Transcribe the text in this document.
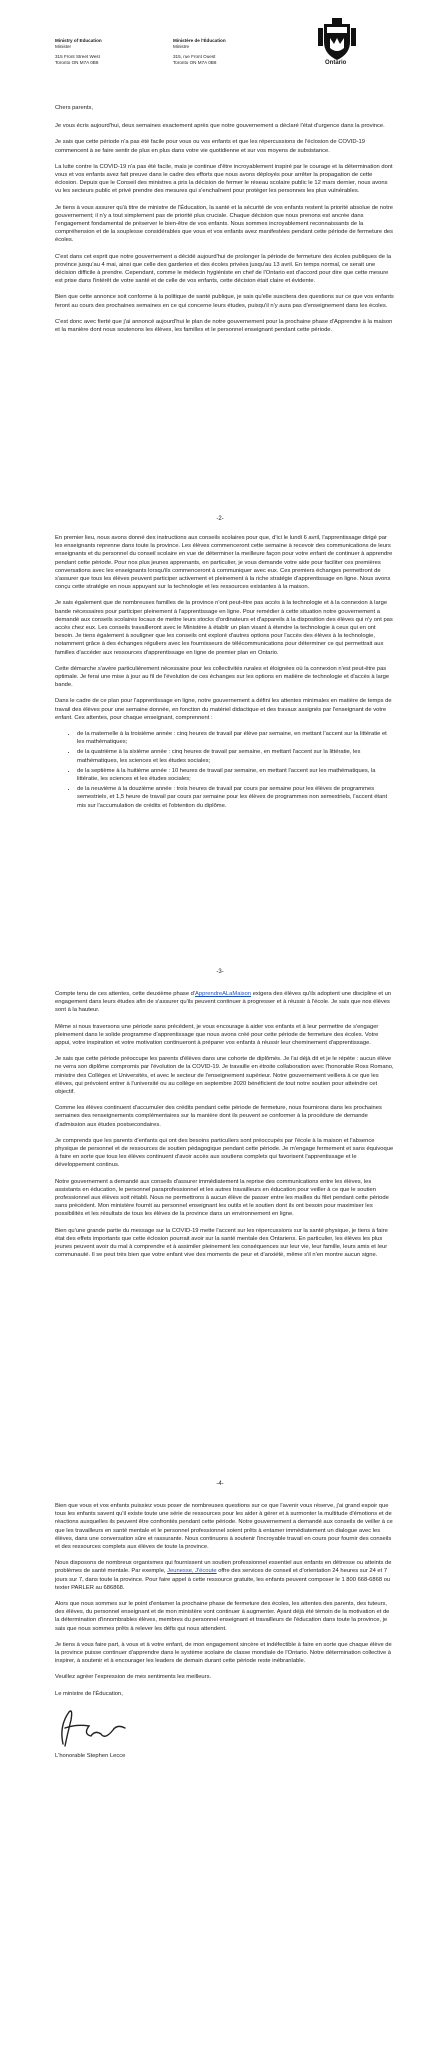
Ministry of Education
Minister
315 Front Street West
Toronto ON M7A 0B8
Ministère de l'Éducation
Ministre
315, rue Front Ouest
Toronto ON M7A 0B8	Ontario

Chers parents,

Je vous écris aujourd'hui, deux semaines exactement après que notre gouvernement a déclaré l'état d'urgence dans la province.

Je sais que cette période n'a pas été facile pour vous ou vos enfants et que les répercussions de l'éclosion de COVID-19 commencent à se faire sentir de plus en plus dans votre vie quotidienne et sur vos moyens de subsistance.

La lutte contre la COVID-19 n'a pas été facile, mais je continue d'être incroyablement inspiré par le courage et la détermination dont vous et vos enfants avez fait preuve dans le cadre des efforts que nous avons déployés pour arrêter la propagation de cette éclosion. Depuis que le Conseil des ministres a pris la décision de fermer le réseau scolaire public le 12 mars dernier, nous avons vu les secteurs public et privé prendre des mesures qui s'enchaînent pour protéger les personnes les plus vulnérables.

Je tiens à vous assurer qu'à titre de ministre de l'Éducation, la santé et la sécurité de vos enfants restent la priorité absolue de notre gouvernement; il n'y a tout simplement pas de priorité plus cruciale. Chaque décision que nous prenons est ancrée dans l'engagement fondamental de préserver le bien-être de vos enfants. Nous sommes incroyablement reconnaissants de la compréhension et de la souplesse considérables que vous et vos enfants avez manifestées pendant cette période de fermeture des écoles.

C'est dans cet esprit que notre gouvernement a décidé aujourd'hui de prolonger la période de fermeture des écoles publiques de la province jusqu'au 4 mai, ainsi que celle des garderies et des écoles privées jusqu'au 13 avril. En temps normal, ce serait une décision difficile à prendre. Cependant, comme le médecin hygiéniste en chef de l'Ontario est d'accord pour dire que cette mesure est prise dans l'intérêt de votre santé et de celle de vos enfants, cette décision était claire et évidente.

Bien que cette annonce soit conforme à la politique de santé publique, je sais qu'elle suscitera des questions sur ce que vos enfants feront au cours des prochaines semaines en ce qui concerne leurs études, puisqu'il n'y aura pas d'enseignement dans les écoles.

C'est donc avec fierté que j'ai annoncé aujourd'hui le plan de notre gouvernement pour la prochaine phase d'Apprendre à la maison et la manière dont nous soutenons les élèves, les familles et le personnel enseignant pendant cette période.

-2-

En premier lieu, nous avons donné des instructions aux conseils scolaires pour que, d'ici le lundi 6 avril, l'apprentissage dirigé par les enseignants reprenne dans toute la province. Les élèves commenceront cette semaine à recevoir des communications de leurs enseignants et du personnel du conseil scolaire en vue de déterminer la meilleure façon pour votre enfant de continuer à apprendre pendant cette période. Pour nos plus jeunes apprenants, en particulier, je vous demande votre aide pour faciliter ces premières conversations avec les enseignants lorsqu'ils commenceront à communiquer avec eux. Ces premiers échanges permettront de s'assurer que tous les élèves peuvent participer activement et pleinement à la riche stratégie d'apprentissage en ligne. Nous avons conçu cette stratégie en nous appuyant sur la technologie et les ressources existantes à la maison.

Je sais également que de nombreuses familles de la province n'ont peut-être pas accès à la technologie et à la connexion à large bande nécessaires pour participer pleinement à l'apprentissage en ligne. Pour remédier à cette situation notre gouvernement a demandé aux conseils scolaires locaux de mettre leurs stocks d'ordinateurs et d'appareils à la disposition des élèves qui n'y ont pas accès chez eux. Les conseils travailleront avec le Ministère à établir un plan visant à étendre la technologie à ceux qui en ont besoin. Je tiens également à souligner que les conseils ont exploré d'autres options pour l'accès des élèves à la technologie, notamment grâce à des échanges réguliers avec les fournisseurs de télécommunications pour déterminer ce qui permettrait aux familles d'accéder aux ressources d'apprentissage en ligne de premier plan en Ontario.

Cette démarche s'avère particulièrement nécessaire pour les collectivités rurales et éloignées où la connexion n'est peut-être pas optimale. Je ferai une mise à jour au fil de l'évolution de ces échanges sur les options en matière de technologie et d'accès à large bande.

Dans le cadre de ce plan pour l'apprentissage en ligne, notre gouvernement a défini les attentes minimales en matière de temps de travail des élèves pour une semaine donnée, en fonction du matériel didactique et des travaux assignés par l'enseignant de votre enfant. Ces attentes, pour chaque enseignant, comprennent :

• de la maternelle à la troisième année : cinq heures de travail par élève par semaine, en mettant l'accent sur la littératie et les mathématiques;
• de la quatrième à la sixième année : cinq heures de travail par semaine, en mettant l'accent sur la littératie, les mathématiques, les sciences et les études sociales;
• de la septième à la huitième année : 10 heures de travail par semaine, en mettant l'accent sur les mathématiques, la littératie, les sciences et les études sociales;
• de la neuvième à la douzième année : trois heures de travail par cours par semaine pour les élèves de programmes semestriels, et 1,5 heure de travail par cours par semaine pour les élèves de programmes non semestriels, l'accent étant mis sur l'accumulation de crédits et l'obtention du diplôme.
-3-

Compte tenu de ces attentes, cette deuxième phase d'ApprendreALaMaison exigera des élèves qu'ils adoptent une discipline et un engagement dans leurs études afin de s'assurer qu'ils peuvent continuer à progresser et à réussir à l'école. Je sais que nos élèves sont à la hauteur.

Même si nous traversons une période sans précédent, je vous encourage à aider vos enfants et à leur permettre de s'engager pleinement dans le solide programme d'apprentissage que nous avons créé pour cette période de fermeture des écoles. Votre appui, votre inspiration et votre motivation continueront à préparer vos enfants à réussir leur cheminement d'apprentissage.

Je sais que cette période préoccupe les parents d'élèves dans une cohorte de diplômés. Je l'ai déjà dit et je le répète : aucun élève ne verra son diplôme compromis par l'évolution de la COVID-19. Je travaille en étroite collaboration avec l'honorable Ross Romano, ministre des Collèges et Universités, et avec le secteur de l'enseignement supérieur. Notre gouvernement veillera à ce que les élèves, qui prévoient entrer à l'université ou au collège en septembre 2020 bénéficient de tout notre soutien pour atteindre cet objectif.

Comme les élèves continuent d'accumuler des crédits pendant cette période de fermeture, nous fournirons dans les prochaines semaines des renseignements complémentaires sur la manière dont ils peuvent se conformer à la procédure de demande d'admission aux études postsecondaires.

Je comprends que les parents d'enfants qui ont des besoins particuliers sont préoccupés par l'école à la maison et l'absence physique de personnel et de ressources de soutien pédagogique pendant cette période. Je m'engage fermement et sans équivoque à faire en sorte que tous les élèves continuent d'avoir accès aux soutiens complets qui favorisent l'apprentissage et le développement continus.

Notre gouvernement a demandé aux conseils d'assurer immédiatement la reprise des communications entre les élèves, les assistants en éducation, le personnel paraprofessionnel et les autres travailleurs en éducation pour veiller à ce que le soutien professionnel aux élèves soit rétabli. Nous ne permettrons à aucun élève de passer entre les mailles du filet pendant cette période sans précédent. Mon ministère fournit au personnel enseignant les outils et le soutien dont ils ont besoin pour maximiser les possibilités et les résultats de tous les élèves de la province dans un environnement en ligne.

Bien qu'une grande partie du message sur la COVID-19 mette l'accent sur les répercussions sur la santé physique, je tiens à faire état des effets importants que cette éclosion pourrait avoir sur la santé mentale des Ontariens. En particulier, les élèves les plus jeunes peuvent avoir du mal à comprendre et à assimiler pleinement les conséquences sur leur vie, leur famille, leurs amis et leur communauté. Il se peut très bien que votre enfant vive des moments de peur et d'anxiété, même s'il n'en montre aucun signe.

-4-

Bien que vous et vos enfants puissiez vous poser de nombreuses questions sur ce que l'avenir vous réserve, j'ai grand espoir que tous les enfants savent qu'il existe toute une série de ressources pour les aider à gérer et à surmonter la multitude d'émotions et de réactions auxquelles ils peuvent être confrontés pendant cette période. Notre gouvernement a demandé aux conseils de veiller à ce que les travailleurs en santé mentale et le personnel professionnel soient prêts à entamer immédiatement un dialogue avec les élèves, dans une conversation sûre et rassurante. Nous continuons à soutenir l'incroyable travail en cours pour fournir des conseils et des ressources complets aux élèves de toute la province.

Nous disposons de nombreux organismes qui fournissent un soutien professionnel essentiel aux enfants en détresse ou atteints de problèmes de santé mentale. Par exemple, Jeunesse, J'écoute offre des services de conseil et d'orientation 24 heures sur 24 et 7 jours sur 7, dans toute la province. Pour faire appel à cette ressource gratuite, les enfants peuvent composer le 1 800 668-6868 ou texter PARLER au 686868.

Alors que nous sommes sur le point d'entamer la prochaine phase de fermeture des écoles, les attentes des parents, des tuteurs, des élèves, du personnel enseignant et de mon ministère vont continuer à augmenter. Ayant déjà été témoin de la motivation et de la détermination d'innombrables élèves, membres du personnel enseignant et travailleurs de l'éducation dans toute la province, je sais que nous sommes prêts à relever les défis qui nous attendent.

Je tiens à vous faire part, à vous et à votre enfant, de mon engagement sincère et indéfectible à faire en sorte que chaque élève de la province puisse continuer d'apprendre dans le système scolaire de classe mondiale de l'Ontario. Notre détermination collective à inspirer, à soutenir et à encourager les leaders de demain durant cette période reste inébranlable.

Veuillez agréer l'expression de mes sentiments les meilleurs.

Le ministre de l'Éducation,

L'honorable Stephen Lecce
